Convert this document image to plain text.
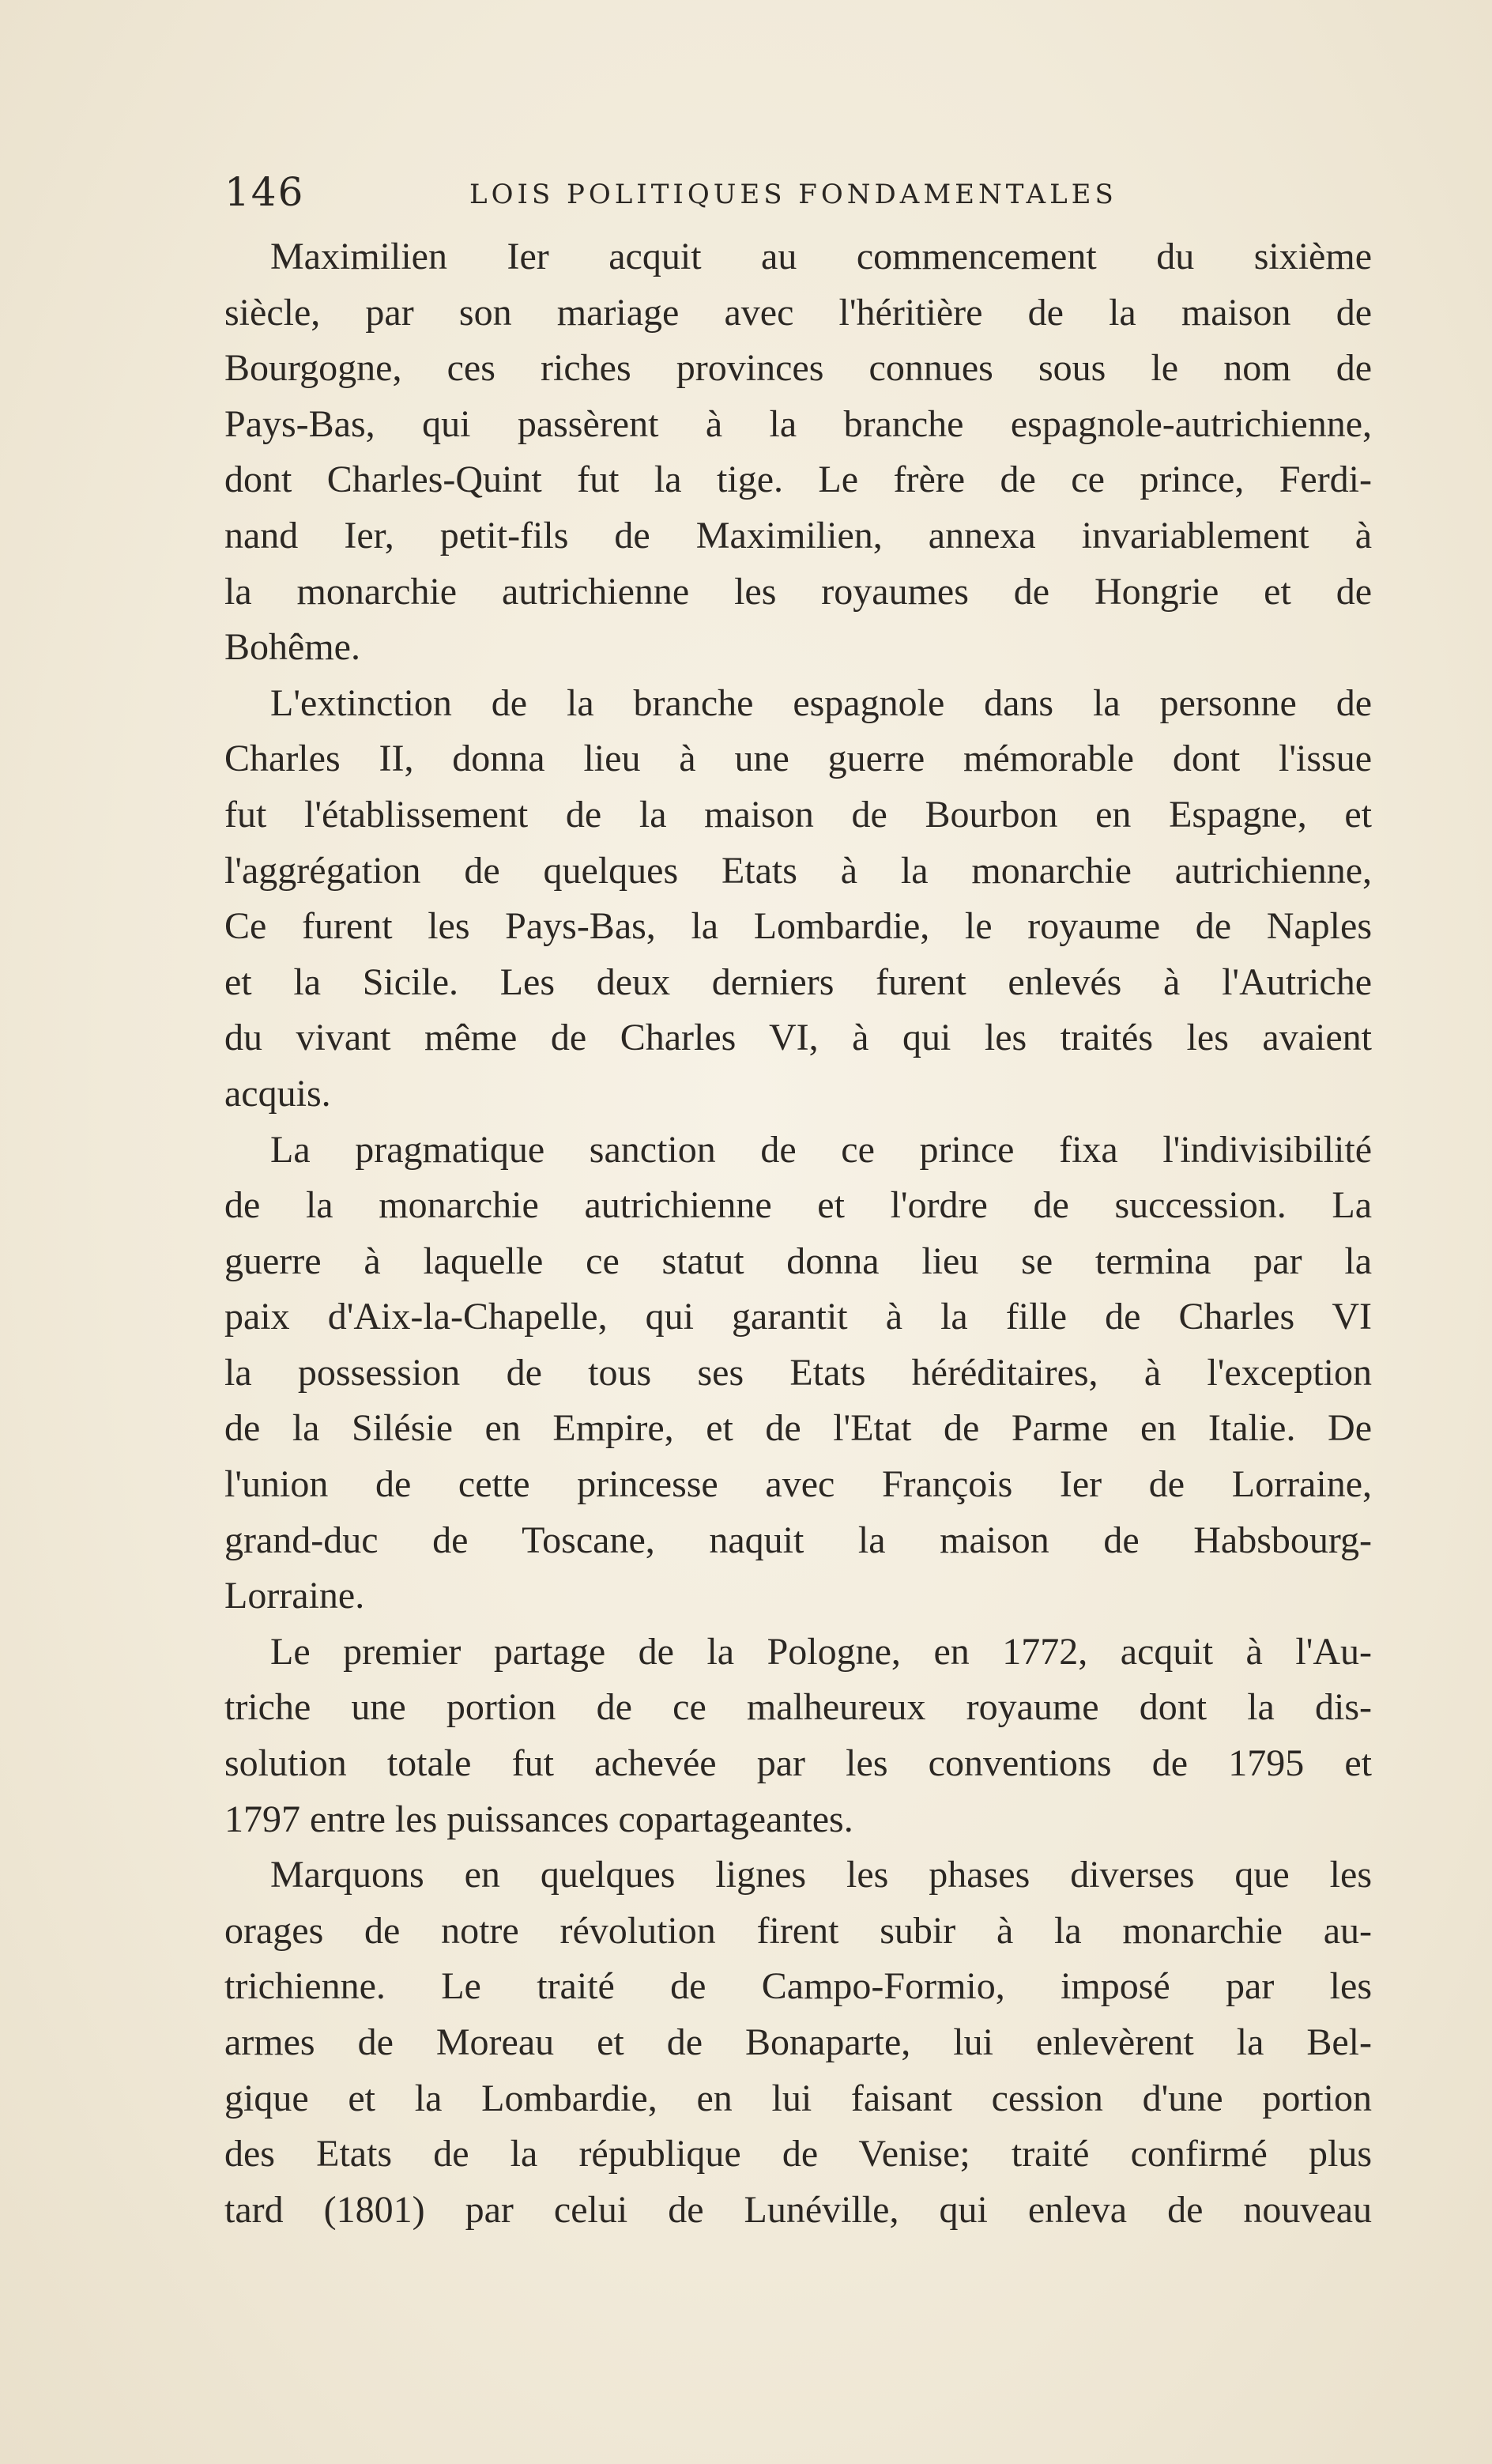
146	LOIS POLITIQUES FONDAMENTALES

Maximilien Ier acquit au commencement du sixième
siècle, par son mariage avec l'héritière de la maison de
Bourgogne, ces riches provinces connues sous le nom de
Pays-Bas, qui passèrent à la branche espagnole-autrichienne,
dont Charles-Quint fut la tige. Le frère de ce prince, Ferdi-
nand Ier, petit-fils de Maximilien, annexa invariablement à
la monarchie autrichienne les royaumes de Hongrie et de
Bohême.

L'extinction de la branche espagnole dans la personne de
Charles II, donna lieu à une guerre mémorable dont l'issue
fut l'établissement de la maison de Bourbon en Espagne, et
l'aggrégation de quelques Etats à la monarchie autrichienne,
Ce furent les Pays-Bas, la Lombardie, le royaume de Naples
et la Sicile. Les deux derniers furent enlevés à l'Autriche
du vivant même de Charles VI, à qui les traités les avaient
acquis.

La pragmatique sanction de ce prince fixa l'indivisibilité
de la monarchie autrichienne et l'ordre de succession. La
guerre à laquelle ce statut donna lieu se termina par la
paix d'Aix-la-Chapelle, qui garantit à la fille de Charles VI
la possession de tous ses Etats héréditaires, à l'exception
de la Silésie en Empire, et de l'Etat de Parme en Italie. De
l'union de cette princesse avec François Ier de Lorraine,
grand-duc de Toscane, naquit la maison de Habsbourg-
Lorraine.

Le premier partage de la Pologne, en 1772, acquit à l'Au-
triche une portion de ce malheureux royaume dont la dis-
solution totale fut achevée par les conventions de 1795 et
1797 entre les puissances copartageantes.

Marquons en quelques lignes les phases diverses que les
orages de notre révolution firent subir à la monarchie au-
trichienne. Le traité de Campo-Formio, imposé par les
armes de Moreau et de Bonaparte, lui enlevèrent la Bel-
gique et la Lombardie, en lui faisant cession d'une portion
des Etats de la république de Venise; traité confirmé plus
tard (1801) par celui de Lunéville, qui enleva de nouveau
